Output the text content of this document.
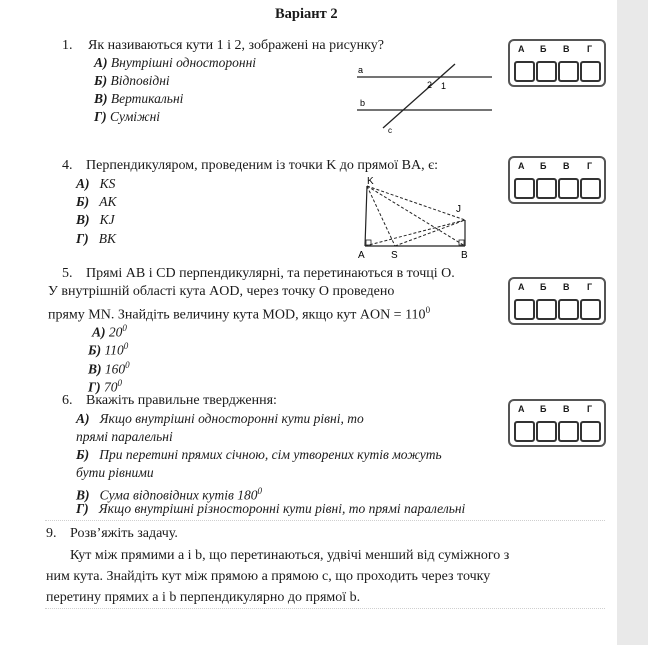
Варіант 2
1. Як називаються кути 1 і 2, зображені на рисунку?
А) Внутрішні односторонні
Б) Відповідні
В) Вертикальні
Г) Суміжні
a
b
c
2 1
А Б В Г
4. Перпендикуляром, проведеним із точки K до прямої BA, є:
А) KS
Б) AK
В) KJ
Г) BK
K
J
A	S	B
А Б В Г
5. Прямі AB і CD перпендикулярні, та перетинаються в точці O.
У внутрішній області кута AOD, через точку O проведено
пряму MN. Знайдіть величину кута MOD, якщо кут AON = $110^0$
А) $20^0$
Б) $110^0$
В) $160^0$
Г) $70^0$
А Б В Г
6. Вкажіть правильне твердження:
А) Якщо внутрішні односторонні кути рівні, то
прямі паралельні
Б) При перетині прямих січною, сім утворених кутів можуть
бути рівними
В) Сума відповідних кутів $180^0$
Г) Якщо внутрішні різносторонні кути рівні, то прямі паралельні
А Б В Г
9. Розв’яжіть задачу.
Кут між прямими a і b, що перетинаються, удвічі менший від суміжного з
ним кута. Знайдіть кут між прямою a прямою c, що проходить через точку
перетину прямих a і b перпендикулярно до прямої b.
